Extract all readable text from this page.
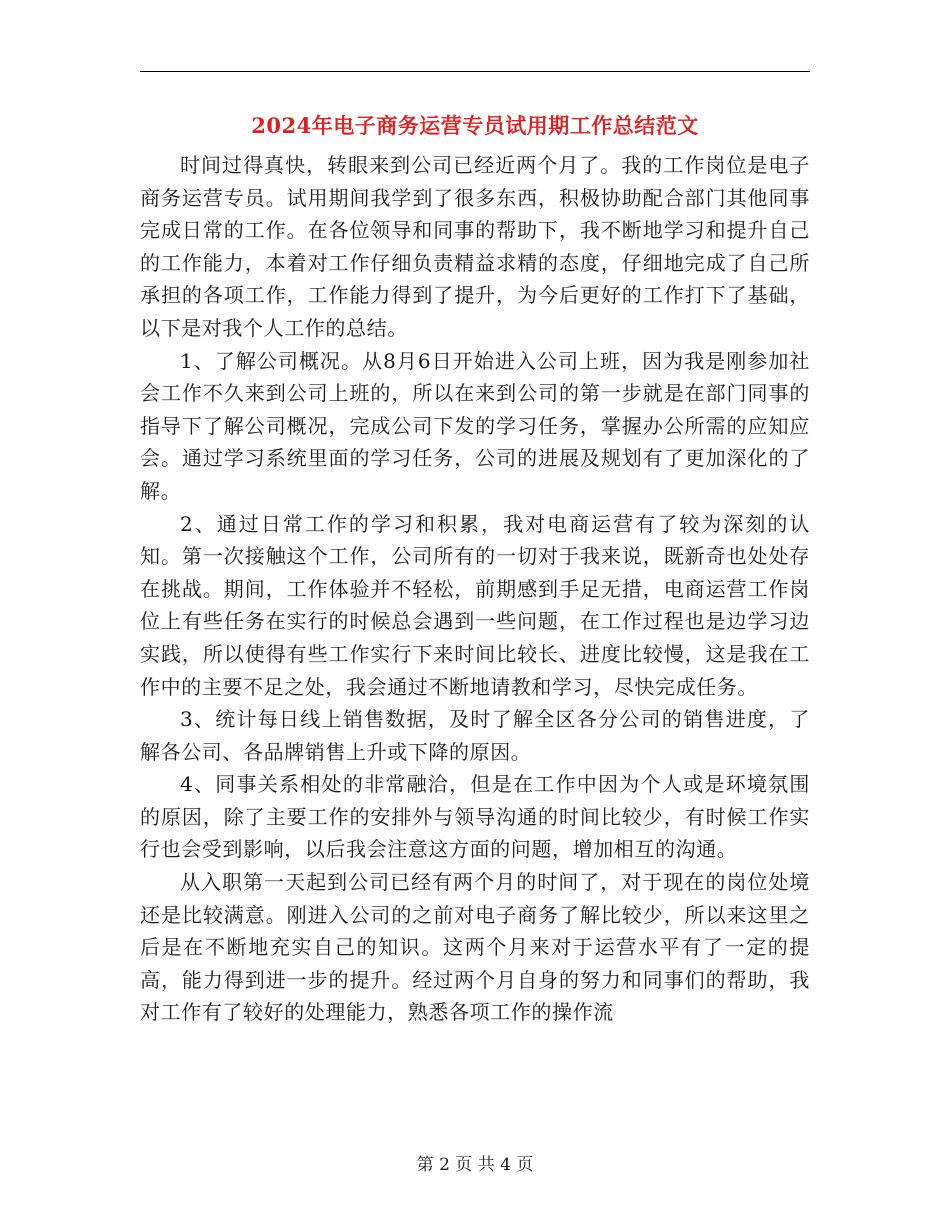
2024年电子商务运营专员试用期工作总结范文

时间过得真快，转眼来到公司已经近两个月了。我的工作岗位是电子商务运营专员。试用期间我学到了很多东西，积极协助配合部门其他同事完成日常的工作。在各位领导和同事的帮助下，我不断地学习和提升自己的工作能力，本着对工作仔细负责精益求精的态度，仔细地完成了自己所承担的各项工作，工作能力得到了提升，为今后更好的工作打下了基础，以下是对我个人工作的总结。

1、了解公司概况。从8月6日开始进入公司上班，因为我是刚参加社会工作不久来到公司上班的，所以在来到公司的第一步就是在部门同事的指导下了解公司概况，完成公司下发的学习任务，掌握办公所需的应知应会。通过学习系统里面的学习任务，公司的进展及规划有了更加深化的了解。

2、通过日常工作的学习和积累，我对电商运营有了较为深刻的认知。第一次接触这个工作，公司所有的一切对于我来说，既新奇也处处存在挑战。期间，工作体验并不轻松，前期感到手足无措，电商运营工作岗位上有些任务在实行的时候总会遇到一些问题，在工作过程也是边学习边实践，所以使得有些工作实行下来时间比较长、进度比较慢，这是我在工作中的主要不足之处，我会通过不断地请教和学习，尽快完成任务。

3、统计每日线上销售数据，及时了解全区各分公司的销售进度，了解各公司、各品牌销售上升或下降的原因。

4、同事关系相处的非常融洽，但是在工作中因为个人或是环境氛围的原因，除了主要工作的安排外与领导沟通的时间比较少，有时候工作实行也会受到影响，以后我会注意这方面的问题，增加相互的沟通。

从入职第一天起到公司已经有两个月的时间了，对于现在的岗位处境还是比较满意。刚进入公司的之前对电子商务了解比较少，所以来这里之后是在不断地充实自己的知识。这两个月来对于运营水平有了一定的提高，能力得到进一步的提升。经过两个月自身的努力和同事们的帮助，我对工作有了较好的处理能力，熟悉各项工作的操作流

第 2 页 共 4 页
